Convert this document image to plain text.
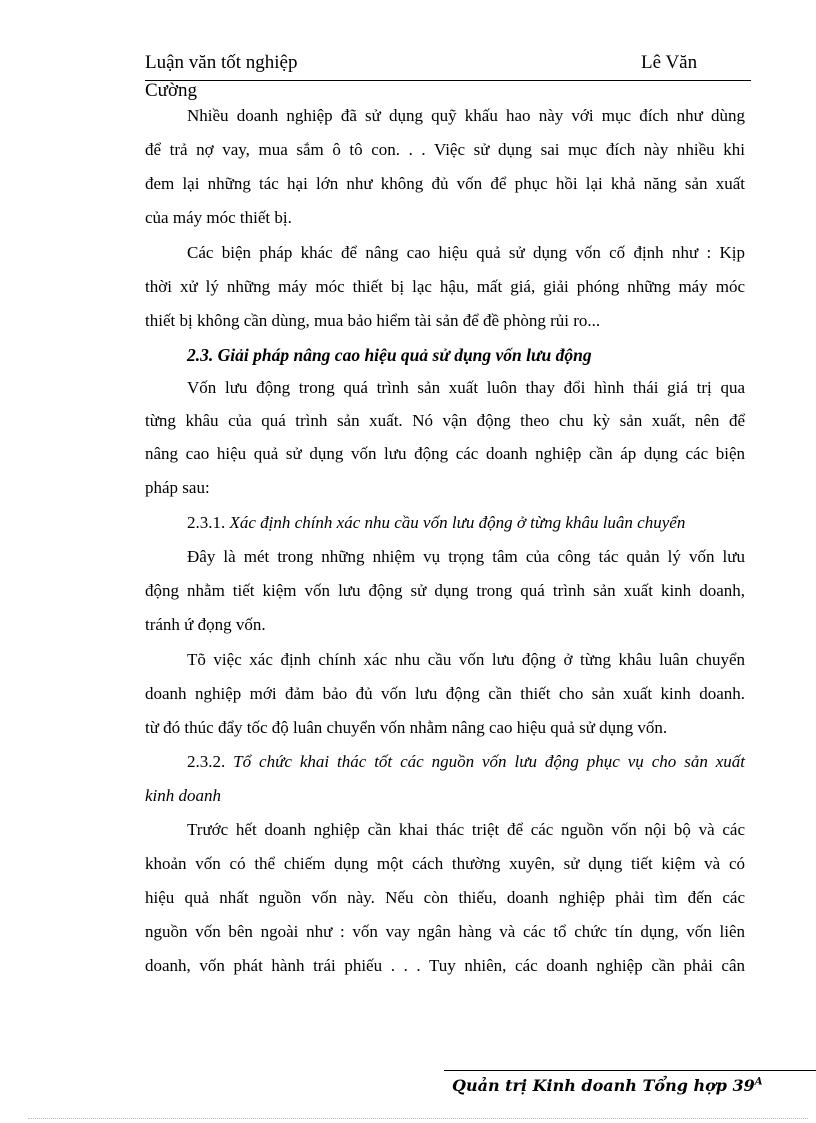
Luận văn tốt nghiệp	Lê Văn
Cường
Nhiều doanh nghiệp đã sử dụng quỹ khấu hao này với mục đích như dùng
để trả nợ vay, mua sắm ô tô con. . . Việc sử dụng sai mục đích này nhiều khi
đem lại những tác hại lớn như không đủ vốn để phục hồi lại khả năng sản xuất
của máy móc thiết bị.
Các biện pháp khác để nâng cao hiệu quả sử dụng vốn cố định như : Kịp
thời xử lý những máy móc thiết bị lạc hậu, mất giá, giải phóng những máy móc
thiết bị không cần dùng, mua bảo hiểm tài sản để đề phòng rủi ro...
2.3. Giải pháp nâng cao hiệu quả sử dụng vốn lưu động
Vốn lưu động trong quá trình sản xuất luôn thay đổi hình thái giá trị qua
từng khâu của quá trình sản xuất. Nó vận động theo chu kỳ sản xuất, nên để
nâng cao hiệu quả sử dụng vốn lưu động các doanh nghiệp cần áp dụng các biện
pháp sau:
2.3.1. Xác định chính xác nhu cầu vốn lưu động ở từng khâu luân chuyển
Đây là mét trong những nhiệm vụ trọng tâm của công tác quản lý vốn lưu
động nhằm tiết kiệm vốn lưu động sử dụng trong quá trình sản xuất kinh doanh,
tránh ứ đọng vốn.
Tõ việc xác định chính xác nhu cầu vốn lưu động ở từng khâu luân chuyển
doanh nghiệp mới đảm bảo đủ vốn lưu động cần thiết cho sản xuất kinh doanh.
từ đó thúc đẩy tốc độ luân chuyển vốn nhằm nâng cao hiệu quả sử dụng vốn.
2.3.2. Tổ chức khai thác tốt các nguồn vốn lưu động phục vụ cho sản xuất
kinh doanh
Trước hết doanh nghiệp cần khai thác triệt để các nguồn vốn nội bộ và các
khoản vốn có thể chiếm dụng một cách thường xuyên, sử dụng tiết kiệm và có
hiệu quả nhất nguồn vốn này. Nếu còn thiếu, doanh nghiệp phải tìm đến các
nguồn vốn bên ngoài như : vốn vay ngân hàng và các tổ chức tín dụng, vốn liên
doanh, vốn phát hành trái phiếu . . . Tuy nhiên, các doanh nghiệp cần phải cân
Quản trị Kinh doanh Tổng hợp $39^A$
